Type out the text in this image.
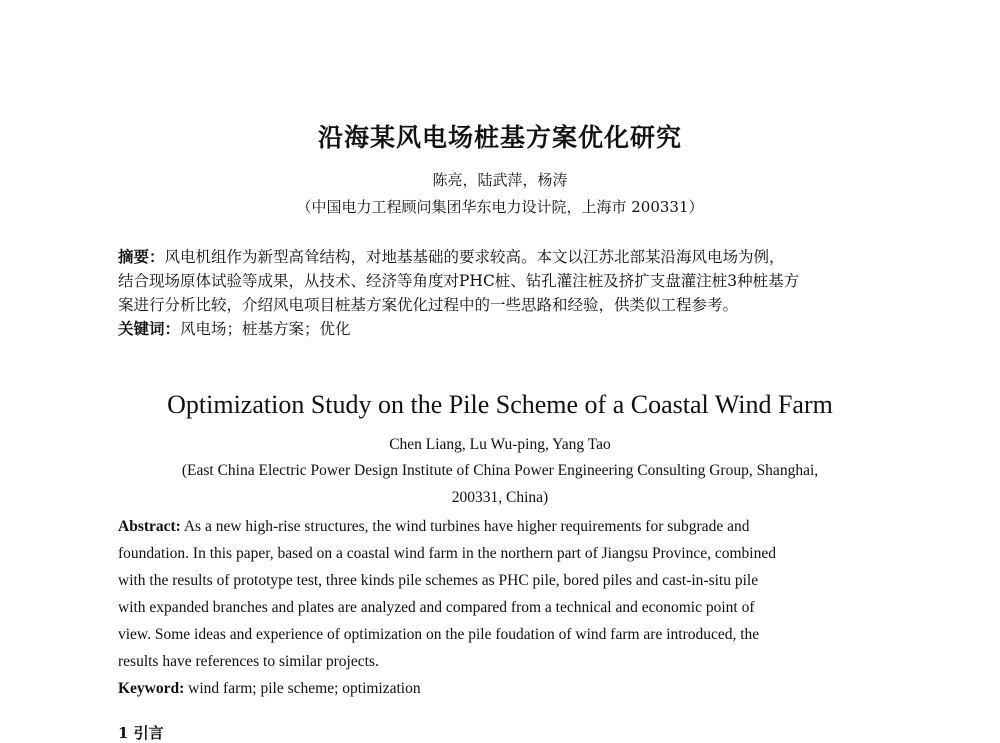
沿海某风电场桩基方案优化研究
陈亮，陆武萍，杨涛
（中国电力工程顾问集团华东电力设计院，上海市 200331）
摘要：风电机组作为新型高耸结构，对地基基础的要求较高。本文以江苏北部某沿海风电场为例，
结合现场原体试验等成果，从技术、经济等角度对PHC桩、钻孔灌注桩及挤扩支盘灌注桩3种桩基方
案进行分析比较，介绍风电项目桩基方案优化过程中的一些思路和经验，供类似工程参考。
关键词：风电场；桩基方案；优化
Optimization Study on the Pile Scheme of a Coastal Wind Farm
Chen Liang, Lu Wu-ping, Yang Tao
(East China Electric Power Design Institute of China Power Engineering Consulting Group, Shanghai,
200331, China)
Abstract: As a new high-rise structures, the wind turbines have higher requirements for subgrade and
foundation. In this paper, based on a coastal wind farm in the northern part of Jiangsu Province, combined
with the results of prototype test, three kinds pile schemes as PHC pile, bored piles and cast-in-situ pile
with expanded branches and plates are analyzed and compared from a technical and economic point of
view. Some ideas and experience of optimization on the pile foudation of wind farm are introduced, the
results have references to similar projects.
Keyword: wind farm; pile scheme; optimization
1 引言
